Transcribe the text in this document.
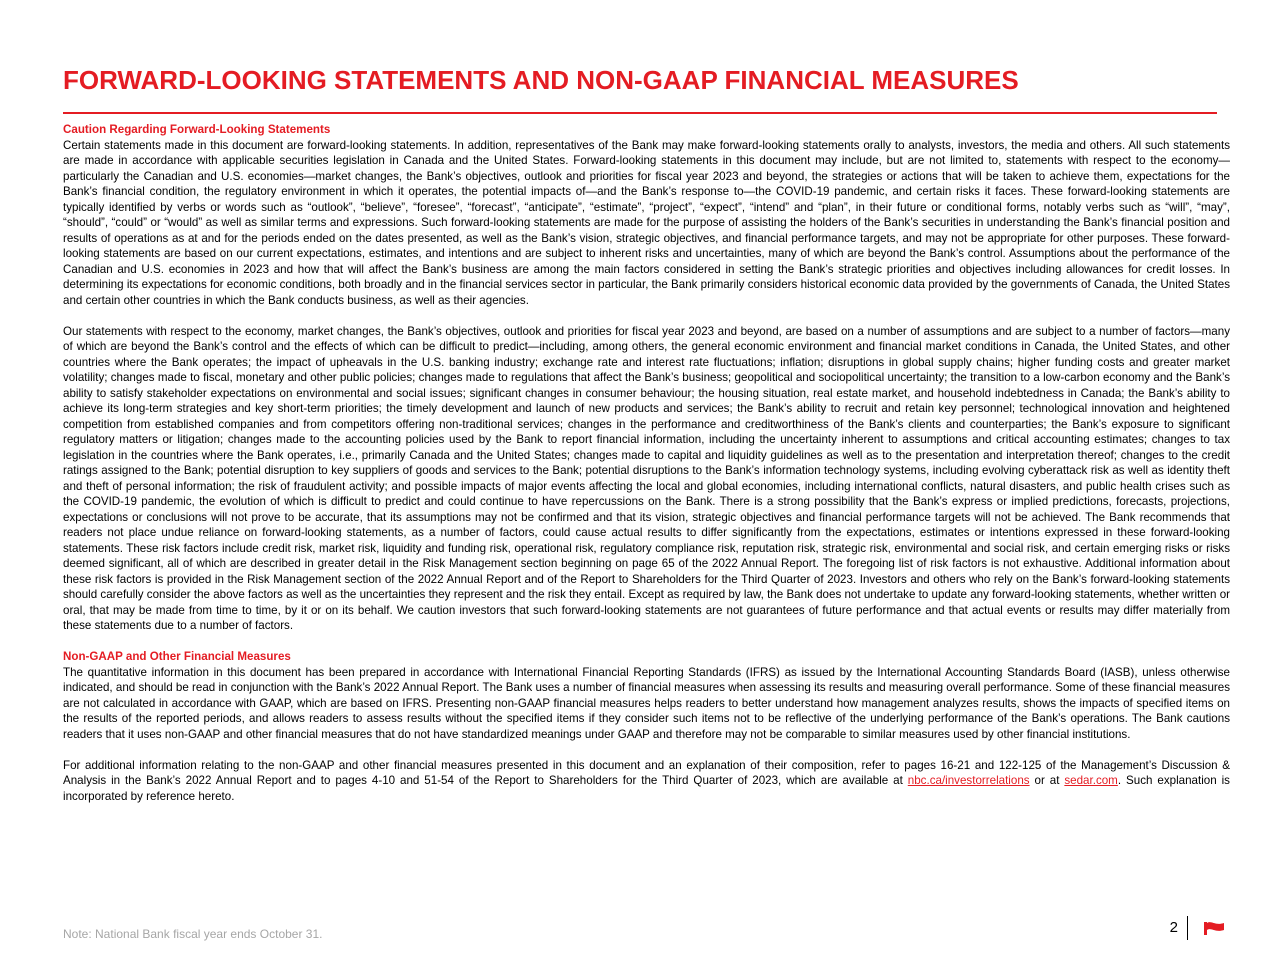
FORWARD-LOOKING STATEMENTS AND NON-GAAP FINANCIAL MEASURES
Caution Regarding Forward-Looking Statements

Certain statements made in this document are forward-looking statements. In addition, representatives of the Bank may make forward-looking statements orally to analysts, investors, the media and others. All such statements are made in accordance with applicable securities legislation in Canada and the United States. Forward-looking statements in this document may include, but are not limited to, statements with respect to the economy—particularly the Canadian and U.S. economies—market changes, the Bank’s objectives, outlook and priorities for fiscal year 2023 and beyond, the strategies or actions that will be taken to achieve them, expectations for the Bank’s financial condition, the regulatory environment in which it operates, the potential impacts of—and the Bank’s response to—the COVID-19 pandemic, and certain risks it faces. These forward-looking statements are typically identified by verbs or words such as “outlook”, “believe”, “foresee”, “forecast”, “anticipate”, “estimate”, “project”, “expect”, “intend” and “plan”, in their future or conditional forms, notably verbs such as “will”, “may”, “should”, “could” or “would” as well as similar terms and expressions. Such forward-looking statements are made for the purpose of assisting the holders of the Bank’s securities in understanding the Bank’s financial position and results of operations as at and for the periods ended on the dates presented, as well as the Bank’s vision, strategic objectives, and financial performance targets, and may not be appropriate for other purposes. These forward-looking statements are based on our current expectations, estimates, and intentions and are subject to inherent risks and uncertainties, many of which are beyond the Bank’s control. Assumptions about the performance of the Canadian and U.S. economies in 2023 and how that will affect the Bank’s business are among the main factors considered in setting the Bank’s strategic priorities and objectives including allowances for credit losses. In determining its expectations for economic conditions, both broadly and in the financial services sector in particular, the Bank primarily considers historical economic data provided by the governments of Canada, the United States and certain other countries in which the Bank conducts business, as well as their agencies.

Our statements with respect to the economy, market changes, the Bank’s objectives, outlook and priorities for fiscal year 2023 and beyond, are based on a number of assumptions and are subject to a number of factors—many of which are beyond the Bank’s control and the effects of which can be difficult to predict—including, among others, the general economic environment and financial market conditions in Canada, the United States, and other countries where the Bank operates; the impact of upheavals in the U.S. banking industry; exchange rate and interest rate fluctuations; inflation; disruptions in global supply chains; higher funding costs and greater market volatility; changes made to fiscal, monetary and other public policies; changes made to regulations that affect the Bank’s business; geopolitical and sociopolitical uncertainty; the transition to a low-carbon economy and the Bank’s ability to satisfy stakeholder expectations on environmental and social issues; significant changes in consumer behaviour; the housing situation, real estate market, and household indebtedness in Canada; the Bank’s ability to achieve its long-term strategies and key short-term priorities; the timely development and launch of new products and services; the Bank’s ability to recruit and retain key personnel; technological innovation and heightened competition from established companies and from competitors offering non-traditional services; changes in the performance and creditworthiness of the Bank’s clients and counterparties; the Bank’s exposure to significant regulatory matters or litigation; changes made to the accounting policies used by the Bank to report financial information, including the uncertainty inherent to assumptions and critical accounting estimates; changes to tax legislation in the countries where the Bank operates, i.e., primarily Canada and the United States; changes made to capital and liquidity guidelines as well as to the presentation and interpretation thereof; changes to the credit ratings assigned to the Bank; potential disruption to key suppliers of goods and services to the Bank; potential disruptions to the Bank’s information technology systems, including evolving cyberattack risk as well as identity theft and theft of personal information; the risk of fraudulent activity; and possible impacts of major events affecting the local and global economies, including international conflicts, natural disasters, and public health crises such as the COVID-19 pandemic, the evolution of which is difficult to predict and could continue to have repercussions on the Bank. There is a strong possibility that the Bank’s express or implied predictions, forecasts, projections, expectations or conclusions will not prove to be accurate, that its assumptions may not be confirmed and that its vision, strategic objectives and financial performance targets will not be achieved. The Bank recommends that readers not place undue reliance on forward-looking statements, as a number of factors, could cause actual results to differ significantly from the expectations, estimates or intentions expressed in these forward-looking statements. These risk factors include credit risk, market risk, liquidity and funding risk, operational risk, regulatory compliance risk, reputation risk, strategic risk, environmental and social risk, and certain emerging risks or risks deemed significant, all of which are described in greater detail in the Risk Management section beginning on page 65 of the 2022 Annual Report. The foregoing list of risk factors is not exhaustive. Additional information about these risk factors is provided in the Risk Management section of the 2022 Annual Report and of the Report to Shareholders for the Third Quarter of 2023. Investors and others who rely on the Bank’s forward-looking statements should carefully consider the above factors as well as the uncertainties they represent and the risk they entail. Except as required by law, the Bank does not undertake to update any forward-looking statements, whether written or oral, that may be made from time to time, by it or on its behalf. We caution investors that such forward-looking statements are not guarantees of future performance and that actual events or results may differ materially from these statements due to a number of factors.

Non-GAAP and Other Financial Measures

The quantitative information in this document has been prepared in accordance with International Financial Reporting Standards (IFRS) as issued by the International Accounting Standards Board (IASB), unless otherwise indicated, and should be read in conjunction with the Bank’s 2022 Annual Report. The Bank uses a number of financial measures when assessing its results and measuring overall performance. Some of these financial measures are not calculated in accordance with GAAP, which are based on IFRS. Presenting non-GAAP financial measures helps readers to better understand how management analyzes results, shows the impacts of specified items on the results of the reported periods, and allows readers to assess results without the specified items if they consider such items not to be reflective of the underlying performance of the Bank’s operations. The Bank cautions readers that it uses non-GAAP and other financial measures that do not have standardized meanings under GAAP and therefore may not be comparable to similar measures used by other financial institutions.

For additional information relating to the non-GAAP and other financial measures presented in this document and an explanation of their composition, refer to pages 16-21 and 122-125 of the Management’s Discussion & Analysis in the Bank’s 2022 Annual Report and to pages 4-10 and 51-54 of the Report to Shareholders for the Third Quarter of 2023, which are available at nbc.ca/investorrelations or at sedar.com. Such explanation is incorporated by reference hereto.

Note: National Bank fiscal year ends October 31.	2
